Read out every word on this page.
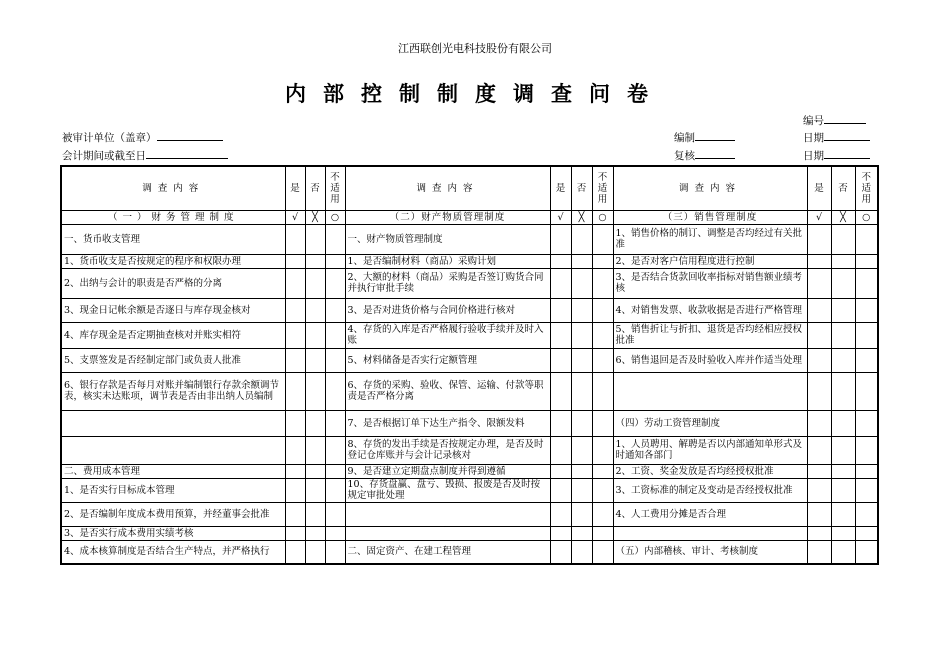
江西联创光电科技股份有限公司
内部控制制度调查问卷
编号
被审计单位（盖章）	编制	日期
会计期间或截至日	复核	日期
调查内容	是	否	不适用	调查内容	是	否	不适用	调查内容	是	否	不适用
（一）财务管理制度	√	╳	○	（二）财产物质管理制度	√	╳	○	（三）销售管理制度	√	╳	○
一、货币收支管理				一、财产物质管理制度				1、销售价格的制订、调整是否均经过有关批准			
1、货币收支是否按规定的程序和权限办理				1、是否编制材料（商品）采购计划				2、是否对客户信用程度进行控制			
2、出纳与会计的职责是否严格的分离				2、大额的材料（商品）采购是否签订购货合同并执行审批手续				3、是否结合货款回收率指标对销售额业绩考核			
3、现金日记帐余额是否逐日与库存现金核对				3、是否对进货价格与合同价格进行核对				4、对销售发票、收款收据是否进行严格管理			
4、库存现金是否定期抽查核对并账实相符				4、存货的入库是否严格履行验收手续并及时入账				5、销售折让与折扣、退货是否均经相应授权批准			
5、支票签发是否经制定部门或负责人批准				5、材料储备是否实行定额管理				6、销售退回是否及时验收入库并作适当处理			
6、银行存款是否每月对账并编制银行存款余额调节表，核实未达账项，调节表是否由非出纳人员编制				6、存货的采购、验收、保管、运输、付款等职责是否严格分离							
				7、是否根据订单下达生产指令、限额发料				（四）劳动工资管理制度			
				8、存货的发出手续是否按规定办理，是否及时登记仓库账并与会计记录核对				1、人员聘用、解聘是否以内部通知单形式及时通知各部门			
二、费用成本管理				9、是否建立定期盘点制度并得到遵循				2、工资、奖金发放是否均经授权批准			
1、是否实行目标成本管理				10、存货盘赢、盘亏、毁损、报废是否及时按规定审批处理				3、工资标准的制定及变动是否经授权批准			
2、是否编制年度成本费用预算，并经董事会批准								4、人工费用分摊是否合理			
3、是否实行成本费用实绩考核											
4、成本核算制度是否结合生产特点，并严格执行				二、固定资产、在建工程管理				（五）内部稽核、审计、考核制度			
